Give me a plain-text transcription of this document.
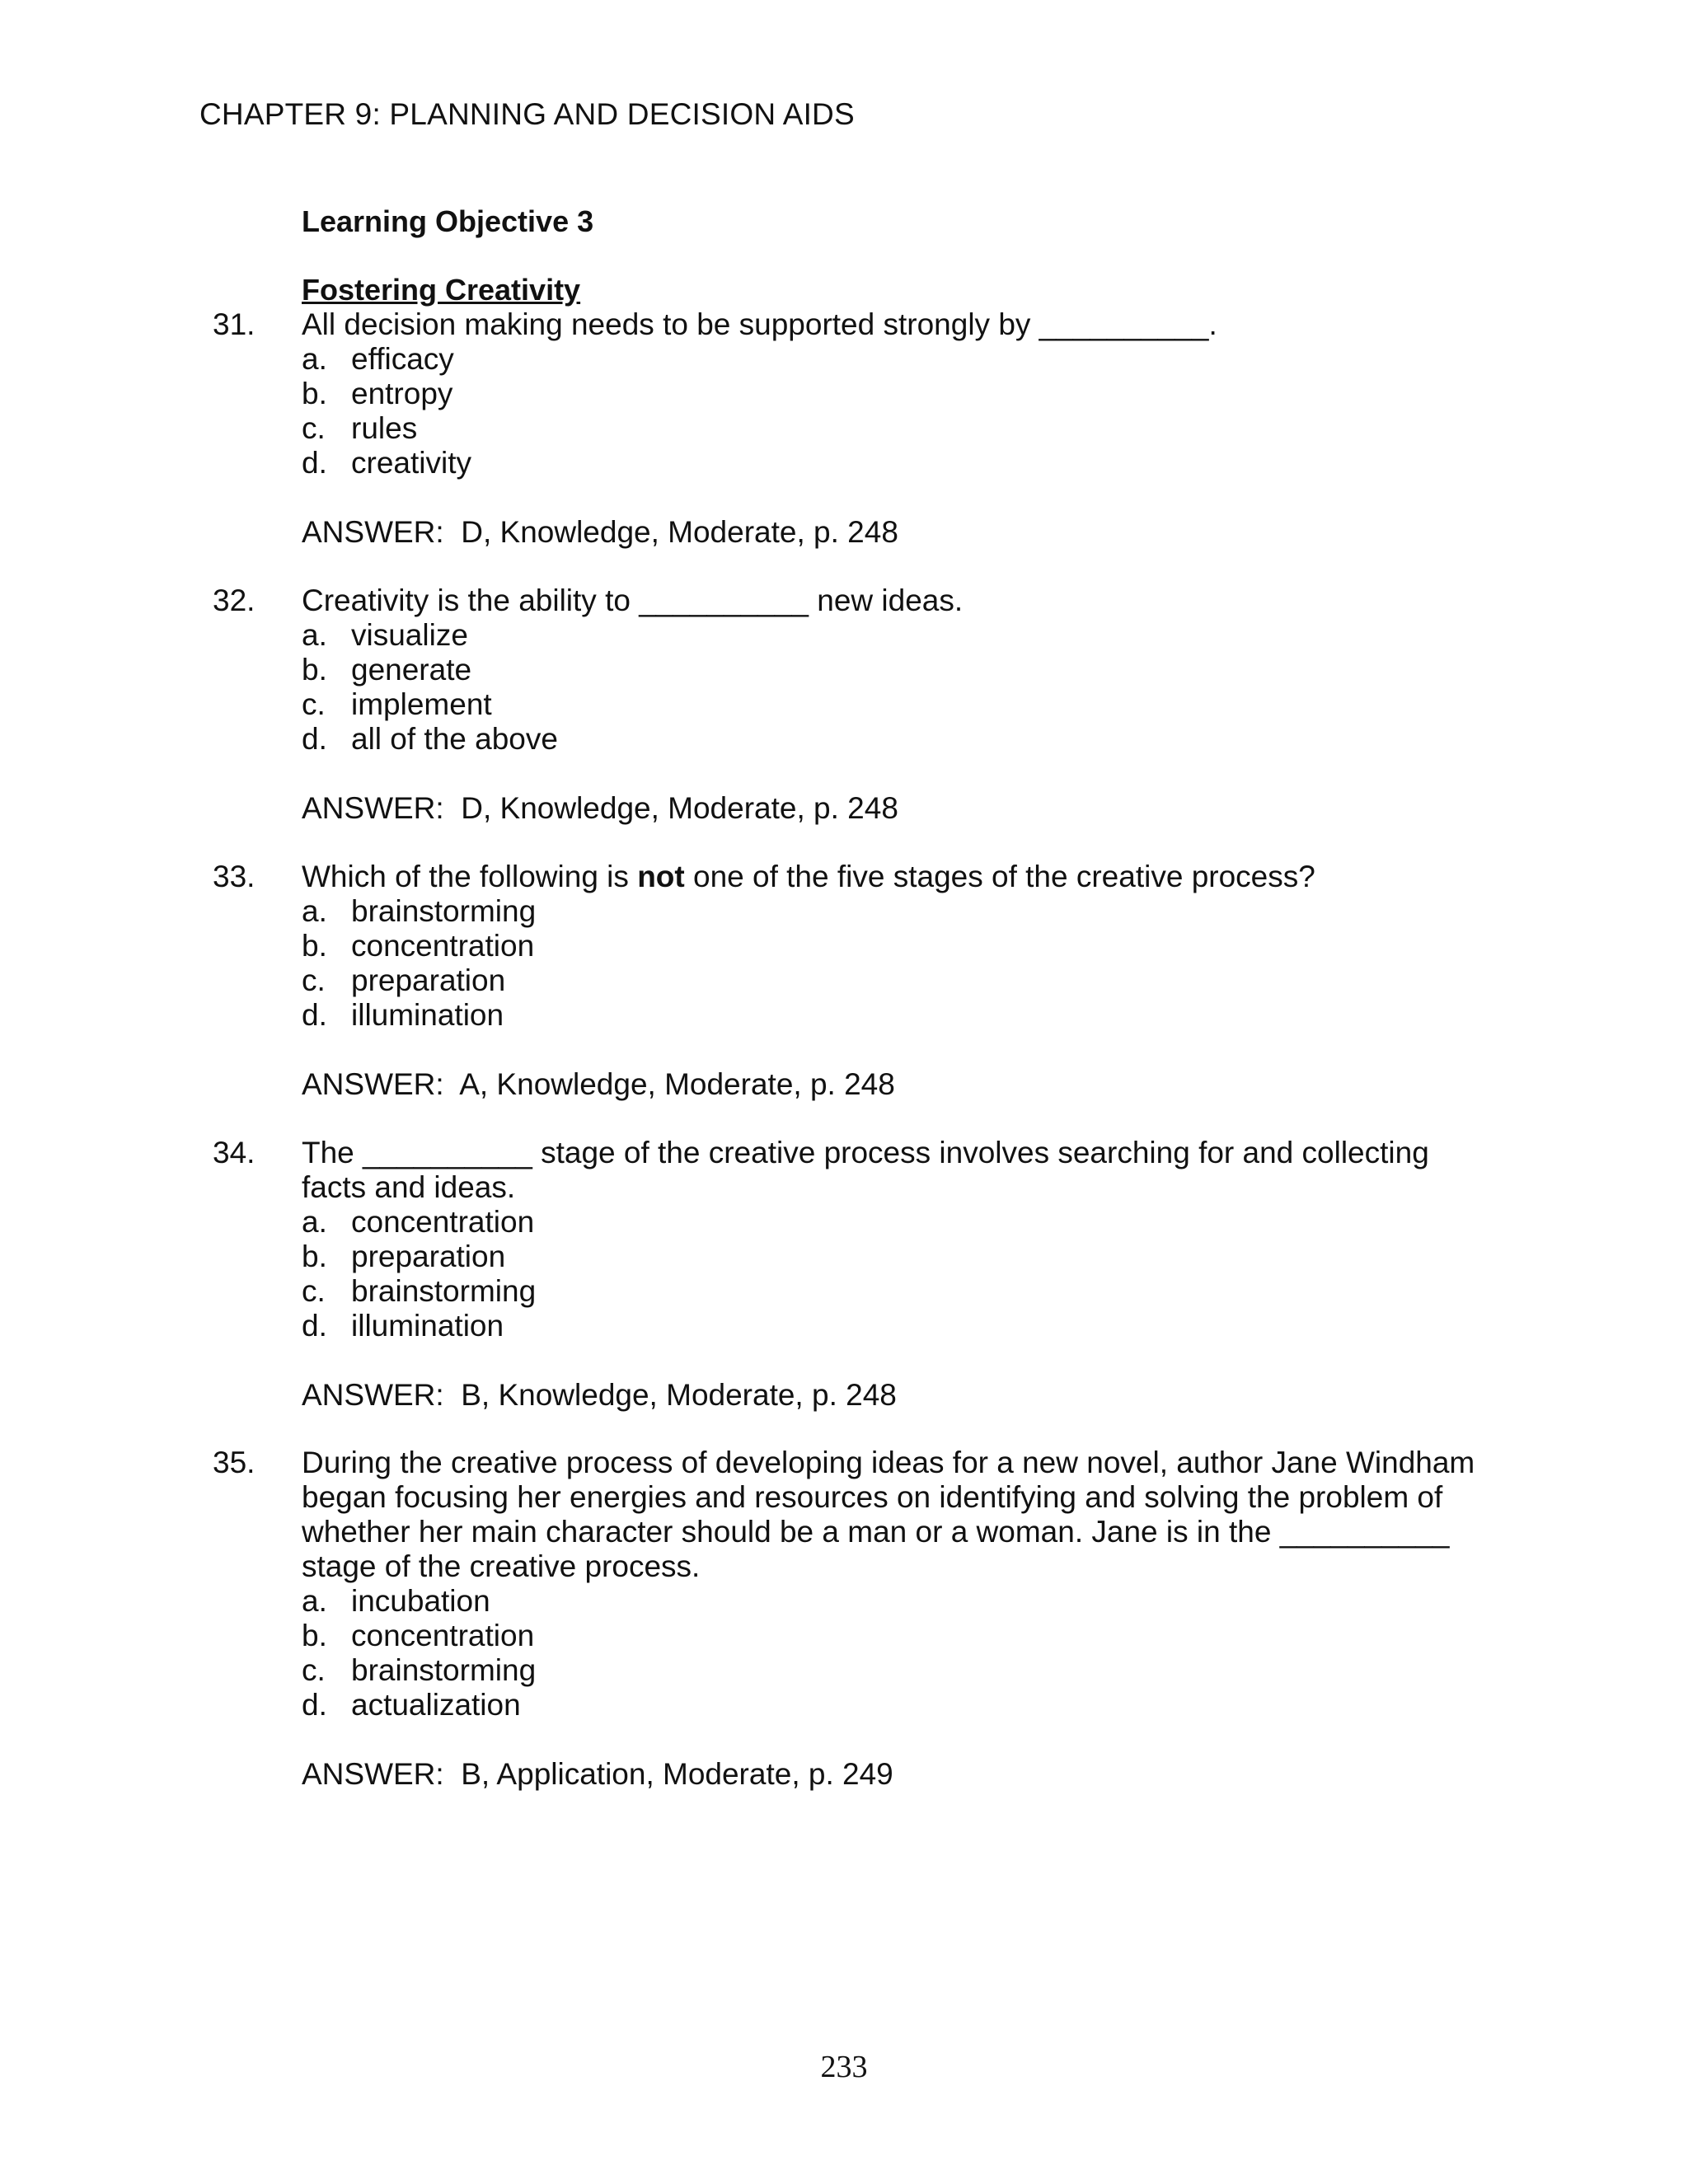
CHAPTER 9: PLANNING AND DECISION AIDS
Learning Objective 3
Fostering Creativity
31. All decision making needs to be supported strongly by __________.
a. efficacy
b. entropy
c. rules
d. creativity
ANSWER:  D, Knowledge, Moderate, p. 248
32. Creativity is the ability to __________ new ideas.
a. visualize
b. generate
c. implement
d. all of the above
ANSWER:  D, Knowledge, Moderate, p. 248
33. Which of the following is not one of the five stages of the creative process?
a. brainstorming
b. concentration
c. preparation
d. illumination
ANSWER:  A, Knowledge, Moderate, p. 248
34. The __________ stage of the creative process involves searching for and collecting
facts and ideas.
a. concentration
b. preparation
c. brainstorming
d. illumination
ANSWER:  B, Knowledge, Moderate, p. 248
35. During the creative process of developing ideas for a new novel, author Jane Windham
began focusing her energies and resources on identifying and solving the problem of
whether her main character should be a man or a woman. Jane is in the __________
stage of the creative process.
a. incubation
b. concentration
c. brainstorming
d. actualization
ANSWER:  B, Application, Moderate, p. 249
233
